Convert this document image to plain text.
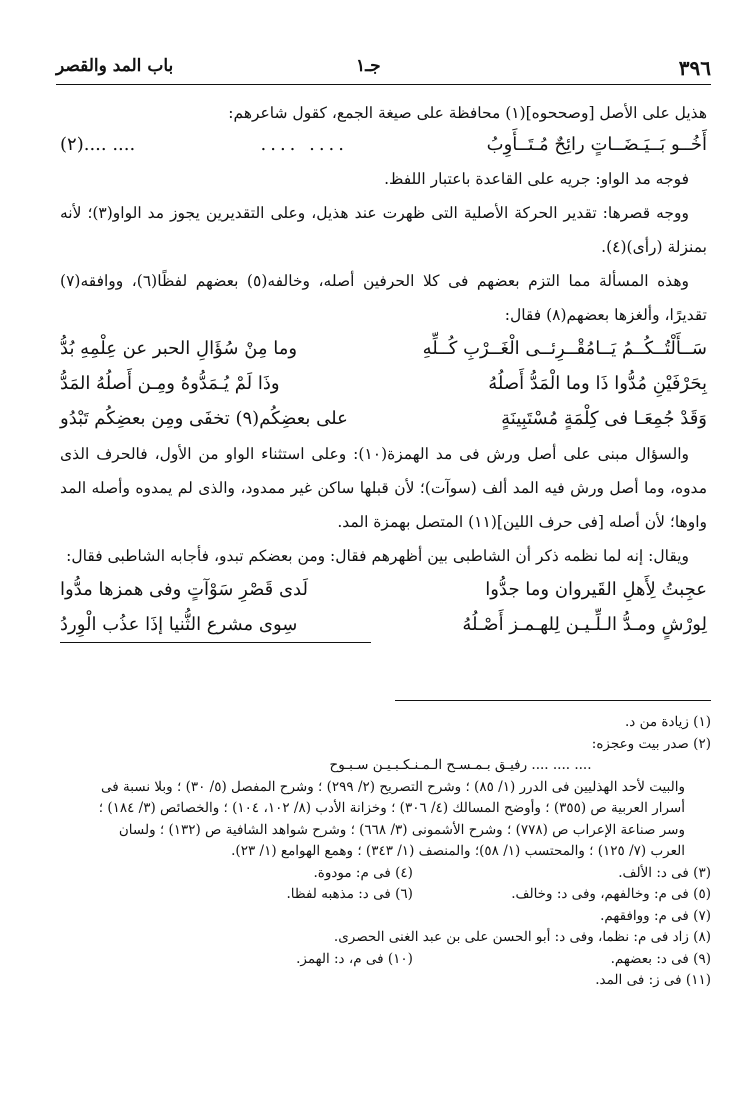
٣٩٦
جـ١
باب المد والقصر

هذيل على الأصل [وصححوه](١) محافظة على صيغة الجمع، كقول شاعرهم:

أَخُــو بَــيَـضَــاتٍ رائِحٌ مُـتَــأَوِبُ
.... ....
.... ....(٢)

فوجه مد الواو: جريه على القاعدة باعتبار اللفظ.

ووجه قصرها: تقدير الحركة الأصلية التى ظهرت عند هذيل، وعلى التقديرين يجوز مد الواو(٣)؛ لأنه بمنزلة (رأى)(٤).

وهذه المسألة مما التزم بعضهم فى كلا الحرفين أصله، وخالفه(٥) بعضهم لفظًا(٦)، ووافقه(٧) تقديرًا، وألغزها بعضهم(٨) فقال:

سَــأَلْتُــكُــمُ يَــامُقْــرِئــى الْغَــرْبِ كُــلِّهِ
وما مِنْ سُؤَالِ الحبر عن عِلْمِهِ بُدُّ
بِحَرْفَيْنِ مُدُّوا ذَا وما الْمَدُّ أَصلُهُ
وذَا لَمْ يُـمَدُّوهُ ومِـن أَصلُهُ المَدُّ
وَقَدْ جُمِعَـا فى كِلْمَةٍ مُسْتَبِينَةٍ
على بعضِكُم(٩) تخفَى ومِن بعضِكُم تَبْدُو

والسؤال مبنى على أصل ورش فى مد الهمزة(١٠): وعلى استثناء الواو من الأول، فالحرف الذى مدوه، وما أصل ورش فيه المد ألف (سوآت)؛ لأن قبلها ساكن غير ممدود، والذى لم يمدوه وأصله المد واوها؛ لأن أصله [فى حرف اللين](١١) المتصل بهمزة المد.

ويقال: إنه لما نظمه ذكر أن الشاطبى بين أظهرهم فقال: ومن بعضكم تبدو، فأجابه الشاطبى فقال:

عجِبتُ لِأَهلِ القَيروان وما جدُّوا
لَدى قَصْرِ سَوْآتٍ وفى همزها مدُّوا
لِورْشٍ ومـدُّ الـلِّـيـن لِلهـمـز أَصْـلُهُ
سِوى مشرع الثُّنيا إذَا عذُب الْوِردُ
(١) زيادة من د.
(٢) صدر بيت وعجزه:
.... .... .... رفيـق بـمـسـح الـمـنـكـبـيـن سـبـوح
والبيت لأحد الهذليين فى الدرر (١/ ٨٥) ؛ وشرح التصريح (٢/ ٢٩٩) ؛ وشرح المفصل (٥/ ٣٠) ؛ وبلا نسبة فى أسرار العربية ص (٣٥٥) ؛ وأوضح المسالك (٤/ ٣٠٦) ؛ وخزانة الأدب (٨/ ١٠٢، ١٠٤) ؛ والخصائص (٣/ ١٨٤) ؛ وسر صناعة الإعراب ص (٧٧٨) ؛ وشرح الأشمونى (٣/ ٦٦٨) ؛ وشرح شواهد الشافية ص (١٣٢) ؛ ولسان العرب (٧/ ١٢٥) ؛ والمحتسب (١/ ٥٨)؛ والمنصف (١/ ٣٤٣) ؛ وهمع الهوامع (١/ ٢٣).
(٣) فى د: الألف.
(٤) فى م: مودوة.
(٥) فى م: وخالفهم، وفى د: وخالف.
(٦) فى د: مذهبه لفظا.
(٧) فى م: ووافقهم.
(٨) زاد فى م: نظما، وفى د: أبو الحسن على بن عبد الغنى الحصرى.
(٩) فى د: بعضهم.
(١٠) فى م، د: الهمز.
(١١) فى ز: فى المد.
